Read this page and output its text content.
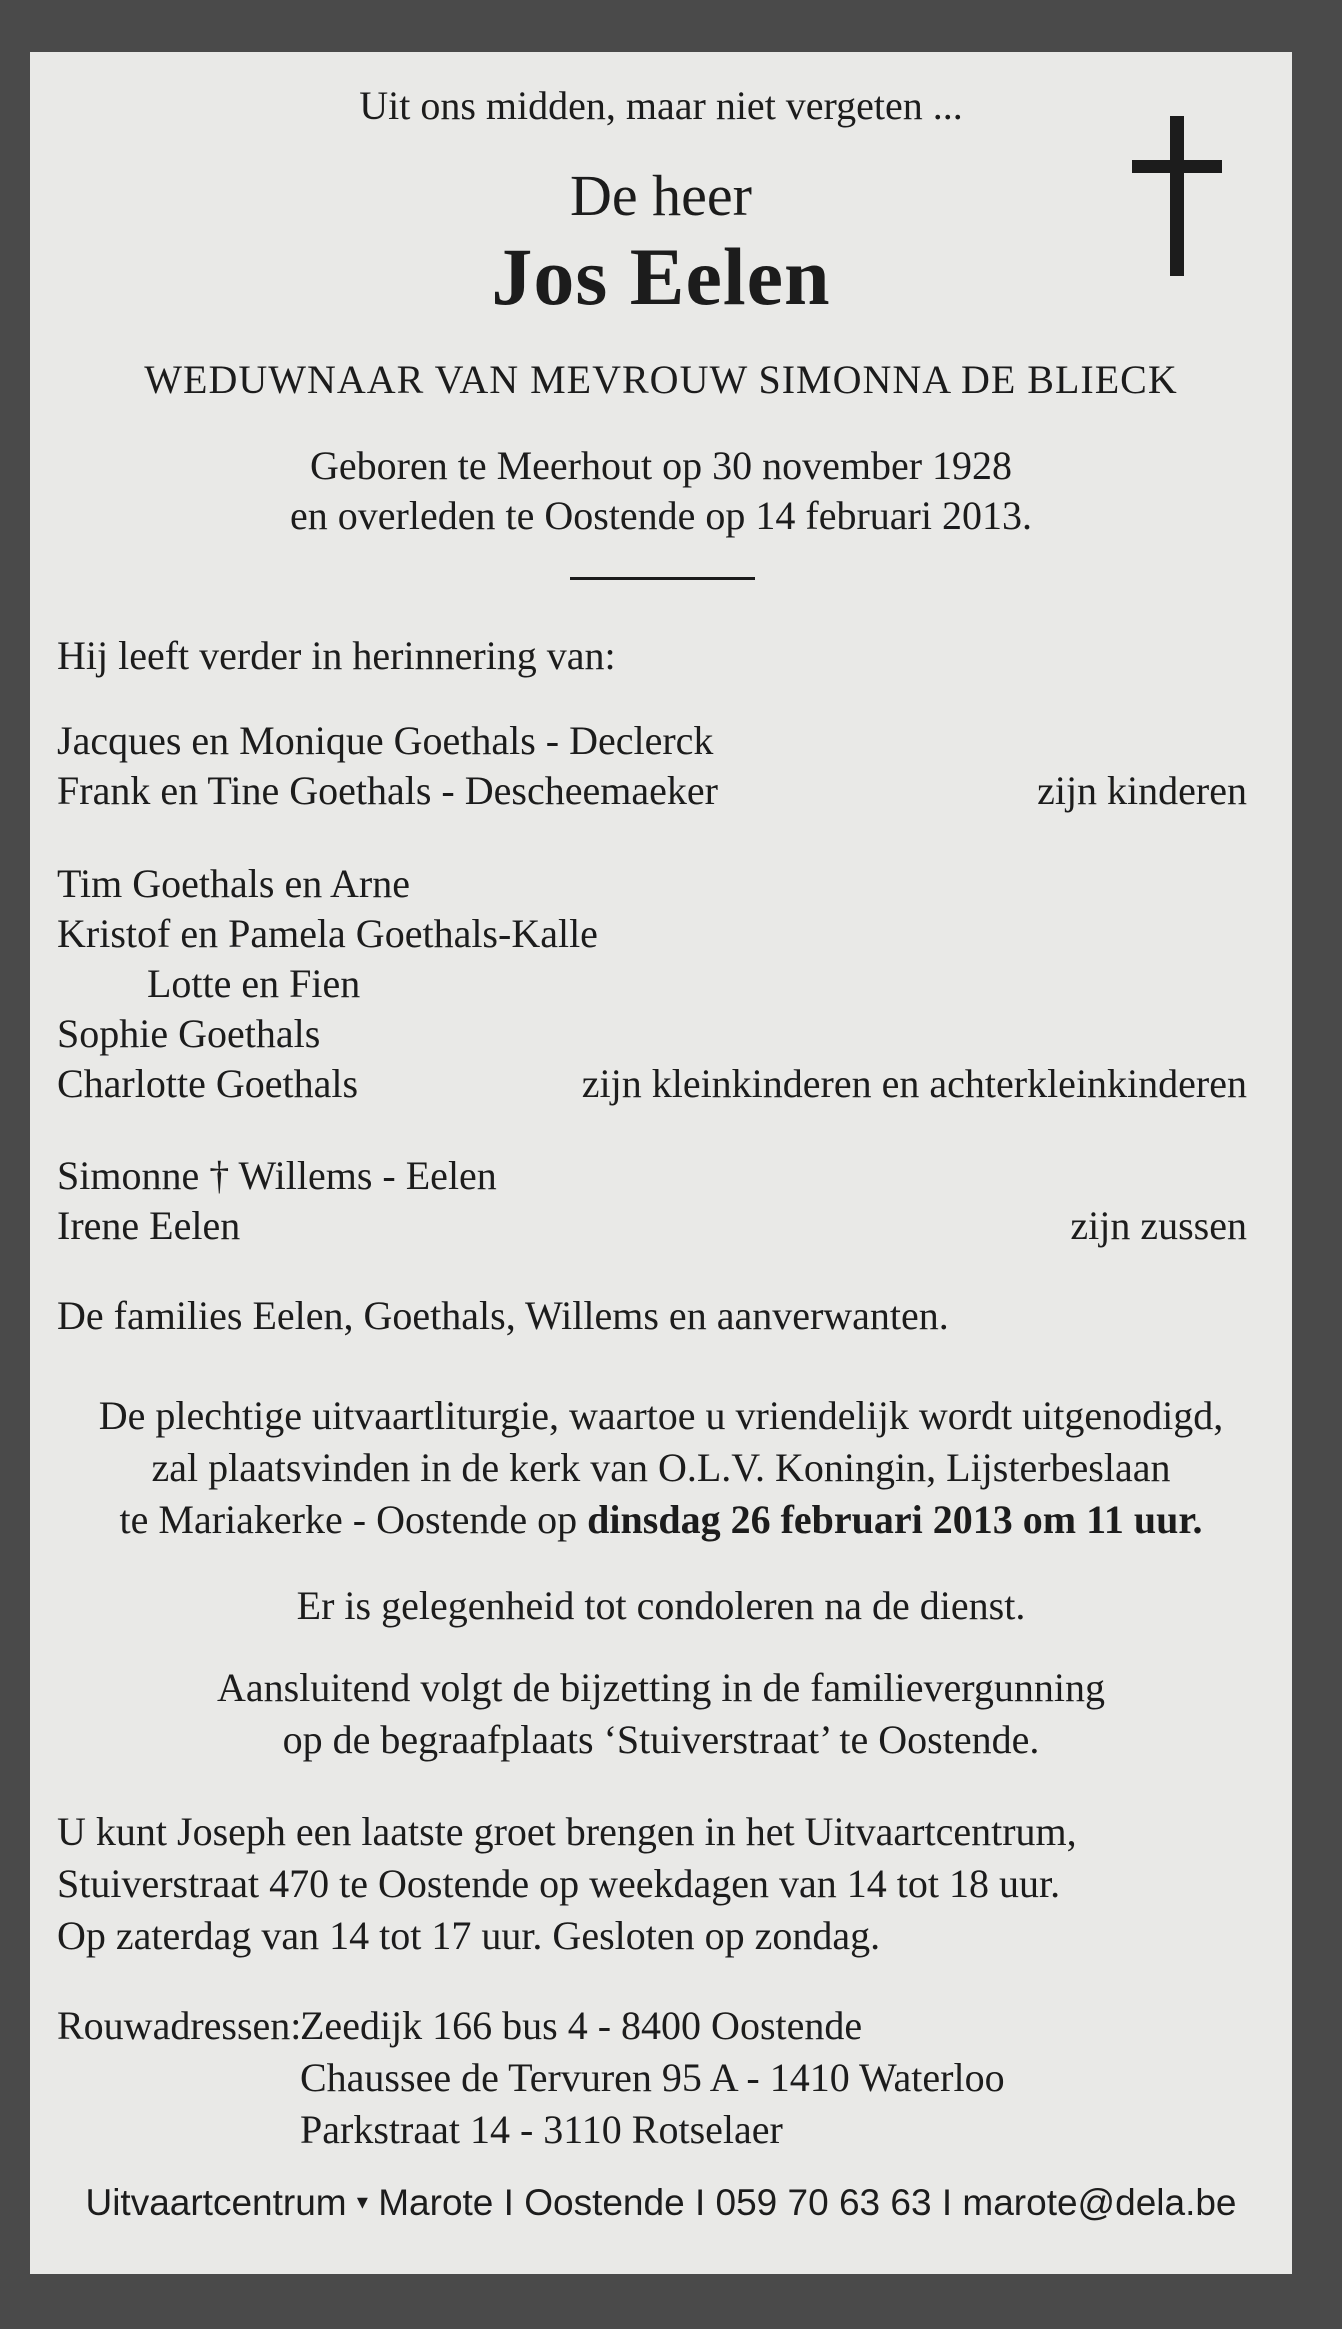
Uit ons midden, maar niet vergeten ...
De heer
Jos Eelen
WEDUWNAAR VAN MEVROUW SIMONNA DE BLIECK
Geboren te Meerhout op 30 november 1928
en overleden te Oostende op 14 februari 2013.
Hij leeft verder in herinnering van:
Jacques en Monique Goethals - Declerck
Frank en Tine Goethals - Descheemaeker	zijn kinderen
Tim Goethals en Arne
Kristof en Pamela Goethals-Kalle
Lotte en Fien
Sophie Goethals
Charlotte Goethals	zijn kleinkinderen en achterkleinkinderen
Simonne † Willems - Eelen
Irene Eelen	zijn zussen
De families Eelen, Goethals, Willems en aanverwanten.
De plechtige uitvaartliturgie, waartoe u vriendelijk wordt uitgenodigd,
zal plaatsvinden in de kerk van O.L.V. Koningin, Lijsterbeslaan
te Mariakerke - Oostende op dinsdag 26 februari 2013 om 11 uur.
Er is gelegenheid tot condoleren na de dienst.
Aansluitend volgt de bijzetting in de familievergunning
op de begraafplaats ‘Stuiverstraat’ te Oostende.
U kunt Joseph een laatste groet brengen in het Uitvaartcentrum,
Stuiverstraat 470 te Oostende op weekdagen van 14 tot 18 uur.
Op zaterdag van 14 tot 17 uur. Gesloten op zondag.
Rouwadressen:
Zeedijk 166 bus 4 - 8400 Oostende
Chaussee de Tervuren 95 A - 1410 Waterloo
Parkstraat 14 - 3110 Rotselaer
Uitvaartcentrum ▾ Marote I Oostende I 059 70 63 63 I marote@dela.be
